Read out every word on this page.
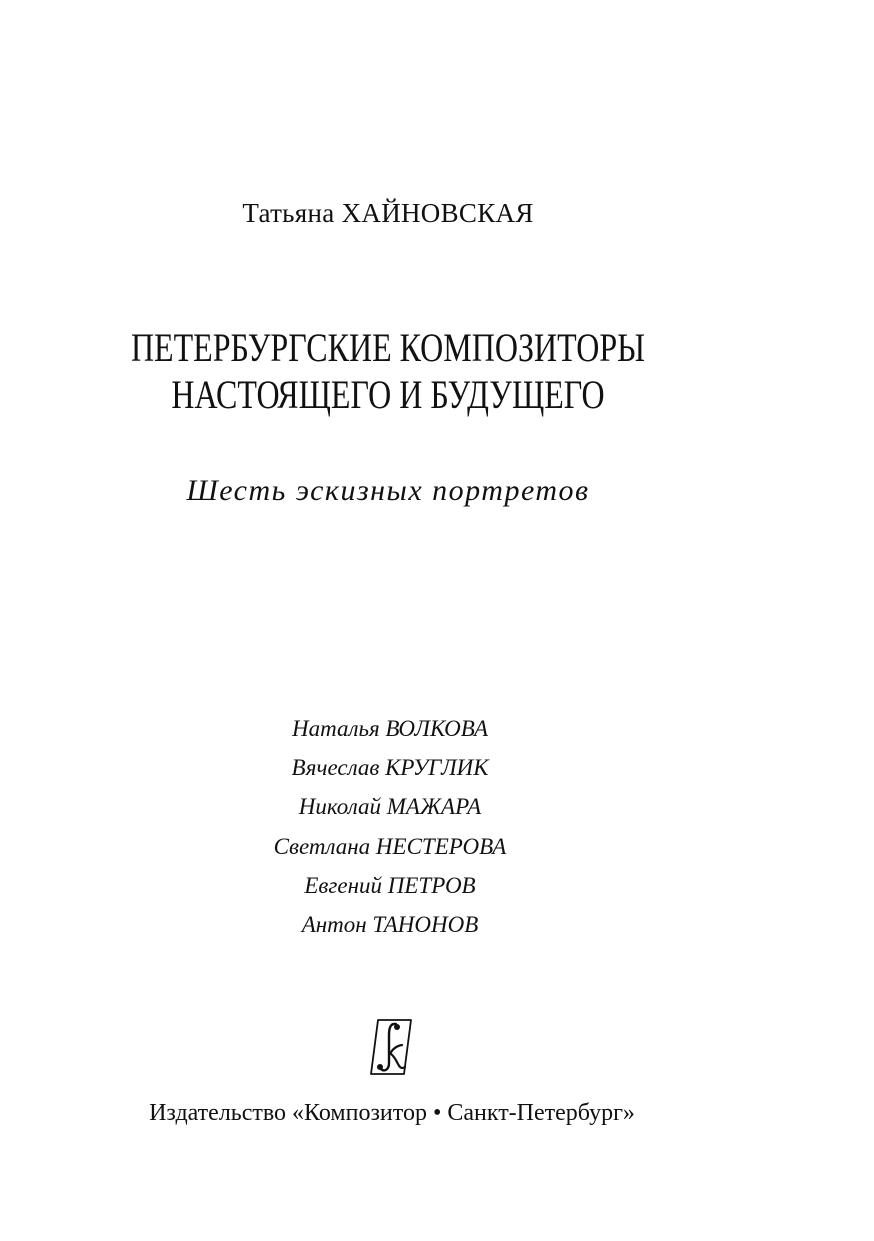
Татьяна ХАЙНОВСКАЯ
ПЕТЕРБУРГСКИЕ КОМПОЗИТОРЫ
НАСТОЯЩЕГО И БУДУЩЕГО
Шесть эскизных портретов
Наталья ВОЛКОВА
Вячеслав КРУГЛИК
Николай МАЖАРА
Светлана НЕСТЕРОВА
Евгений ПЕТРОВ
Антон ТАНОНОВ
Издательство «Композитор • Санкт-Петербург»
